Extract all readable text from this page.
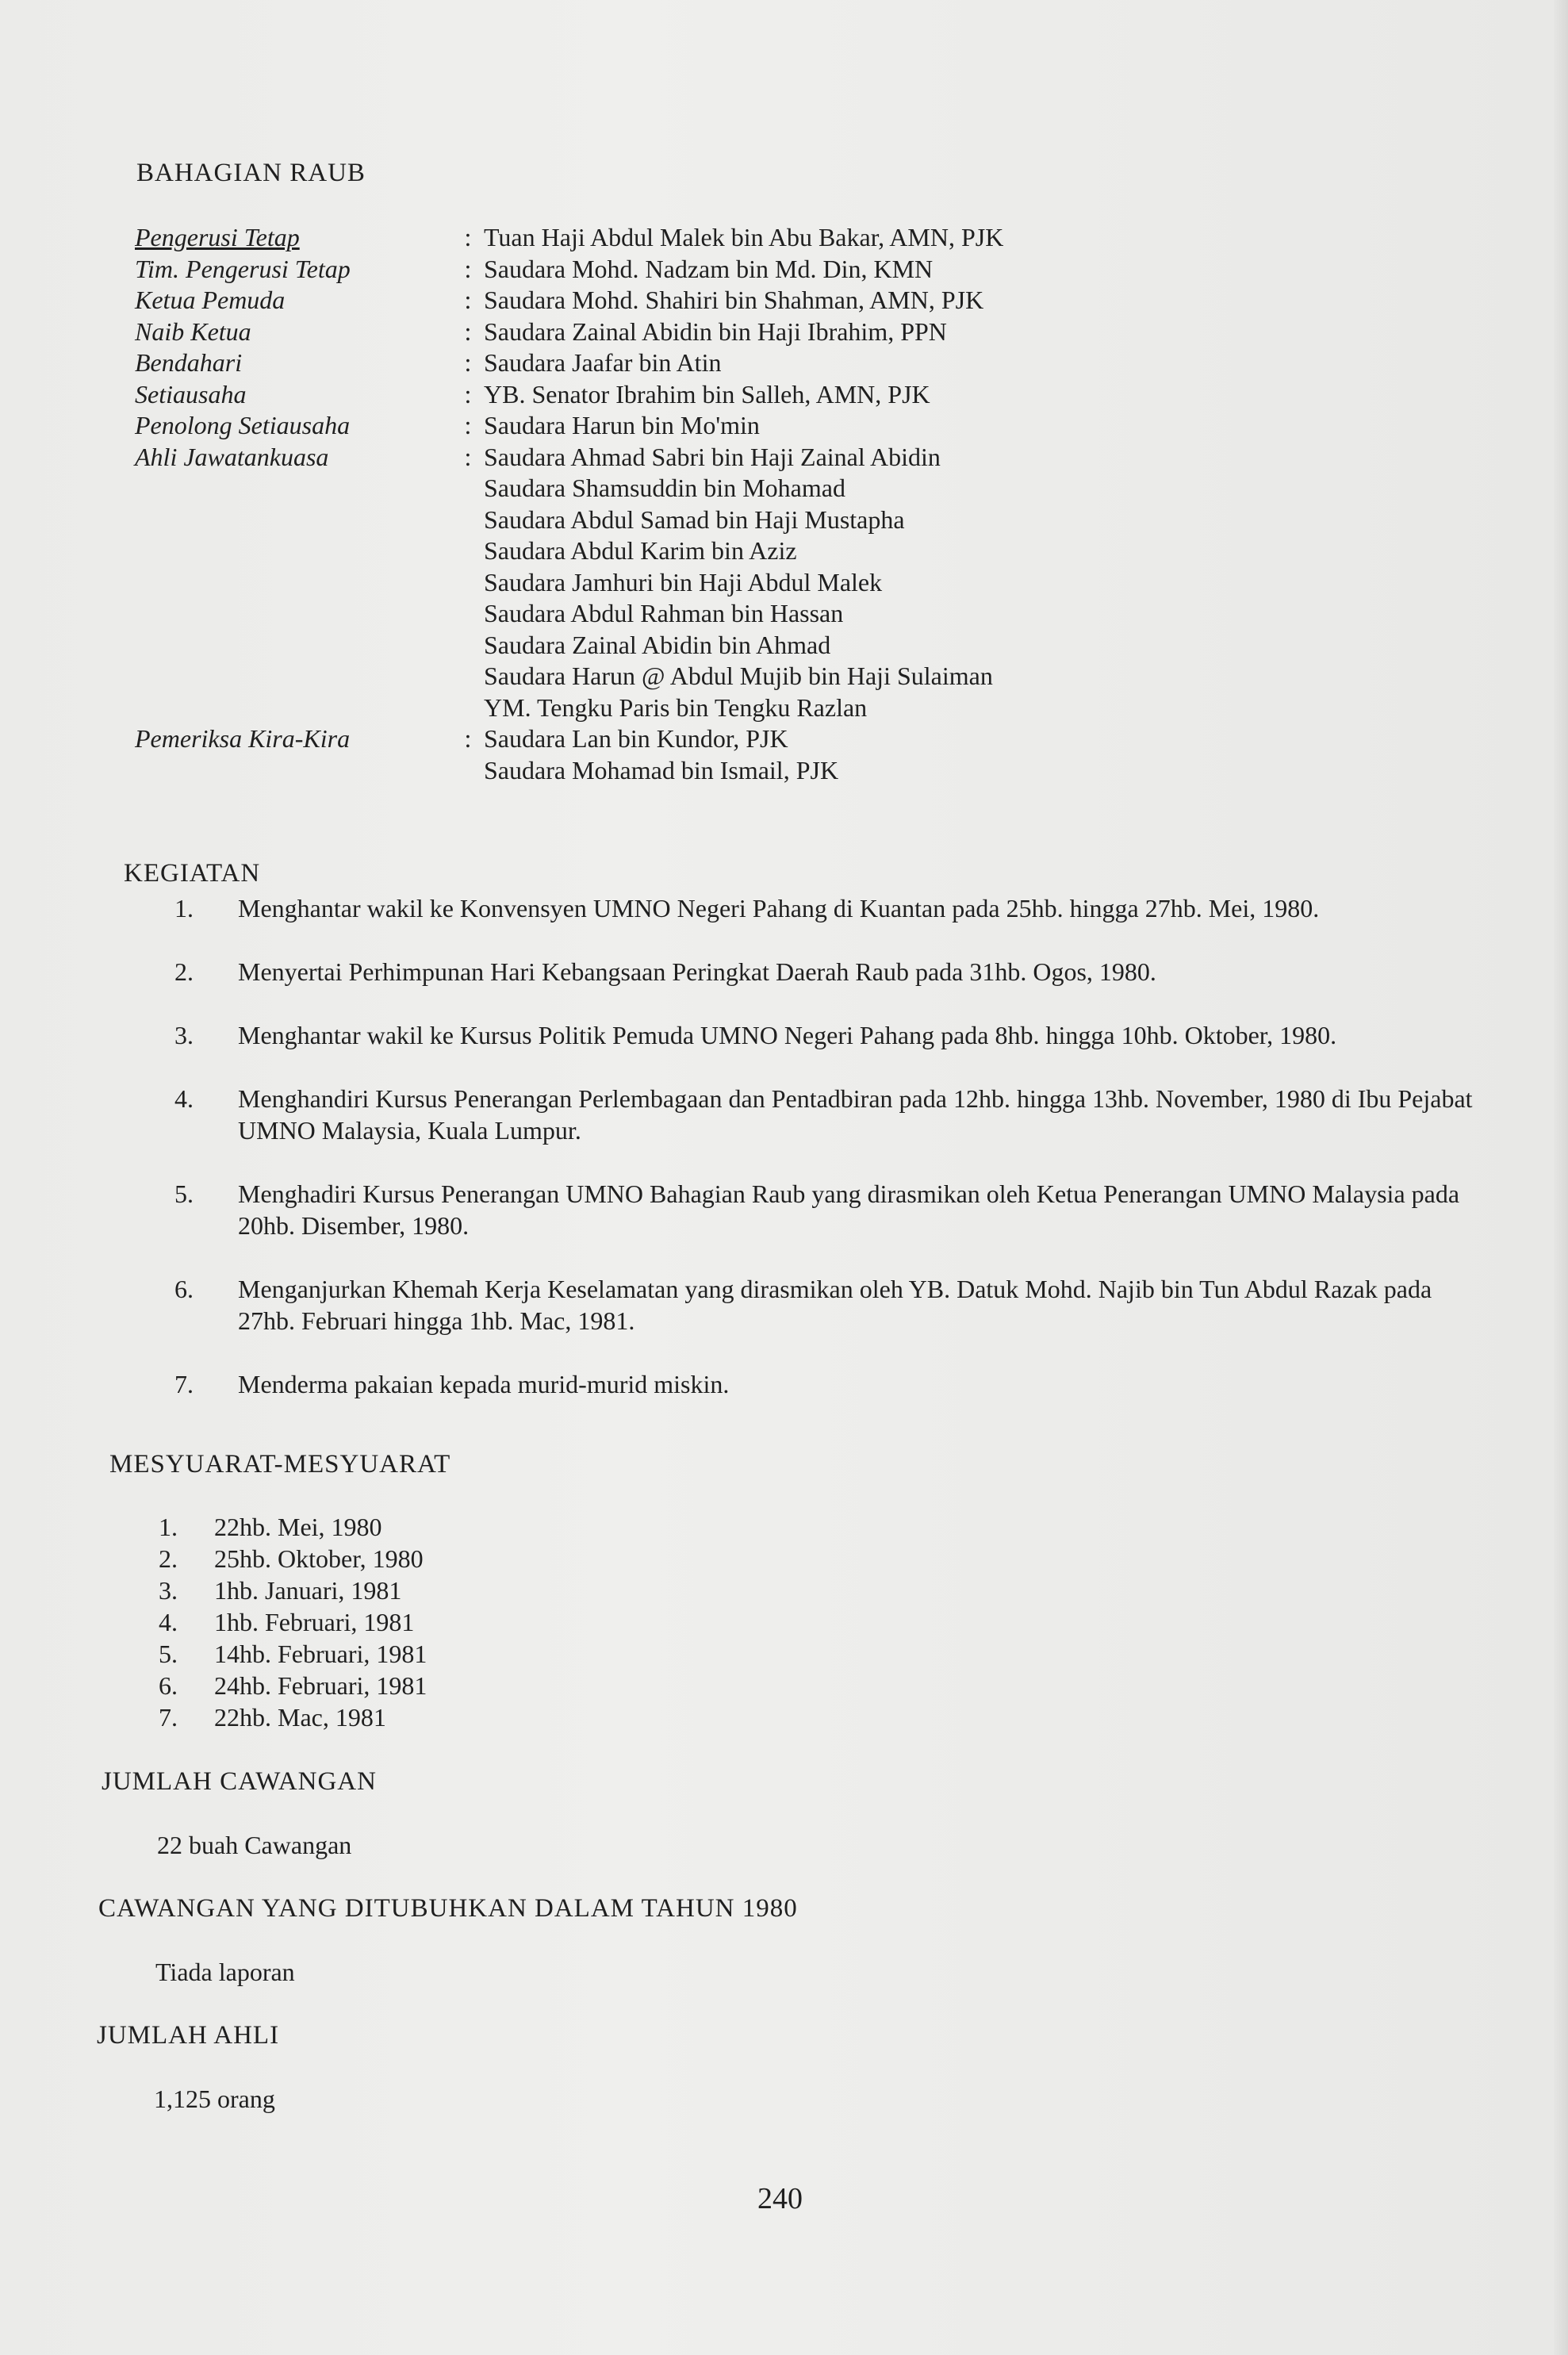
BAHAGIAN RAUB
Pengerusi Tetap	: Tuan Haji Abdul Malek bin Abu Bakar, AMN, PJK
Tim. Pengerusi Tetap	: Saudara Mohd. Nadzam bin Md. Din, KMN
Ketua Pemuda	: Saudara Mohd. Shahiri bin Shahman, AMN, PJK
Naib Ketua	: Saudara Zainal Abidin bin Haji Ibrahim, PPN
Bendahari	: Saudara Jaafar bin Atin
Setiausaha	: YB. Senator Ibrahim bin Salleh, AMN, PJK
Penolong Setiausaha	: Saudara Harun bin Mo'min
Ahli Jawatankuasa	: Saudara Ahmad Sabri bin Haji Zainal Abidin
Saudara Shamsuddin bin Mohamad
Saudara Abdul Samad bin Haji Mustapha
Saudara Abdul Karim bin Aziz
Saudara Jamhuri bin Haji Abdul Malek
Saudara Abdul Rahman bin Hassan
Saudara Zainal Abidin bin Ahmad
Saudara Harun @ Abdul Mujib bin Haji Sulaiman
YM. Tengku Paris bin Tengku Razlan
Pemeriksa Kira-Kira	: Saudara Lan bin Kundor, PJK
Saudara Mohamad bin Ismail, PJK
KEGIATAN
1.	Menghantar wakil ke Konvensyen UMNO Negeri Pahang di Kuantan pada 25hb. hingga 27hb. Mei, 1980.
2.	Menyertai Perhimpunan Hari Kebangsaan Peringkat Daerah Raub pada 31hb. Ogos, 1980.
3.	Menghantar wakil ke Kursus Politik Pemuda UMNO Negeri Pahang pada 8hb. hingga 10hb. Oktober, 1980.
4.	Menghandiri Kursus Penerangan Perlembagaan dan Pentadbiran pada 12hb. hingga 13hb. November, 1980 di Ibu Pejabat UMNO Malaysia, Kuala Lumpur.
5.	Menghadiri Kursus Penerangan UMNO Bahagian Raub yang dirasmikan oleh Ketua Penerangan UMNO Malaysia pada 20hb. Disember, 1980.
6.	Menganjurkan Khemah Kerja Keselamatan yang dirasmikan oleh YB. Datuk Mohd. Najib bin Tun Abdul Razak pada 27hb. Februari hingga 1hb. Mac, 1981.
7.	Menderma pakaian kepada murid-murid miskin.
MESYUARAT-MESYUARAT
1.	22hb. Mei, 1980
2.	25hb. Oktober, 1980
3.	1hb. Januari, 1981
4.	1hb. Februari, 1981
5.	14hb. Februari, 1981
6.	24hb. Februari, 1981
7.	22hb. Mac, 1981
JUMLAH CAWANGAN
22 buah Cawangan
CAWANGAN YANG DITUBUHKAN DALAM TAHUN 1980
Tiada laporan
JUMLAH AHLI
1,125 orang
240
